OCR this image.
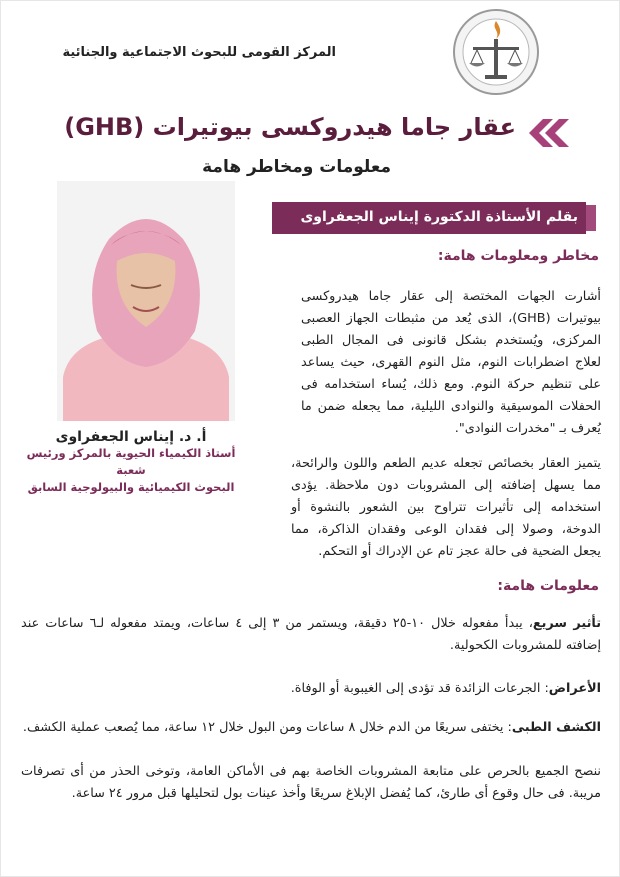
المركز القومى للبحوث الاجتماعية والجنائية
عقار جاما هيدروكسى بيوتيرات (GHB)
معلومات ومخاطر هامة
بقلم الأستاذة الدكتورة إيناس الجعفراوى
أ. د. إيناس الجعفراوى
أستاذ الكيمياء الحيوية بالمركز ورئيس شعبة
البحوث الكيميائية والبيولوجية السابق
مخاطر ومعلومات هامة:
أشارت الجهات المختصة إلى عقار جاما هيدروكسى بيوتيرات (GHB)، الذى يُعد من مثبطات الجهاز العصبى المركزى، ويُستخدم بشكل قانونى فى المجال الطبى لعلاج اضطرابات النوم، مثل النوم القهرى، حيث يساعد على تنظيم حركة النوم. ومع ذلك، يُساء استخدامه فى الحفلات الموسيقية والنوادى الليلية، مما يجعله ضمن ما يُعرف بـ "مخدرات النوادى".
يتميز العقار بخصائص تجعله عديم الطعم واللون والرائحة، مما يسهل إضافته إلى المشروبات دون ملاحظة. يؤدى استخدامه إلى تأثيرات تتراوح بين الشعور بالنشوة أو الدوخة، وصولا إلى فقدان الوعى وفقدان الذاكرة، مما يجعل الضحية فى حالة عجز تام عن الإدراك أو التحكم.
معلومات هامة:
تأثير سريع، يبدأ مفعوله خلال ١٠-٢٥ دقيقة، ويستمر من ٣ إلى ٤ ساعات، ويمتد مفعوله لـ٦ ساعات عند إضافته للمشروبات الكحولية.
الأعراض: الجرعات الزائدة قد تؤدى إلى الغيبوبة أو الوفاة.
الكشف الطبى: يختفى سريعًا من الدم خلال ٨ ساعات ومن البول خلال ١٢ ساعة، مما يُصعب عملية الكشف.
ننصح الجميع بالحرص على متابعة المشروبات الخاصة بهم فى الأماكن العامة، وتوخى الحذر من أى تصرفات مريبة. فى حال وقوع أى طارئ، كما يُفضل الإبلاغ سريعًا وأخذ عينات بول لتحليلها قبل مرور ٢٤ ساعة.
